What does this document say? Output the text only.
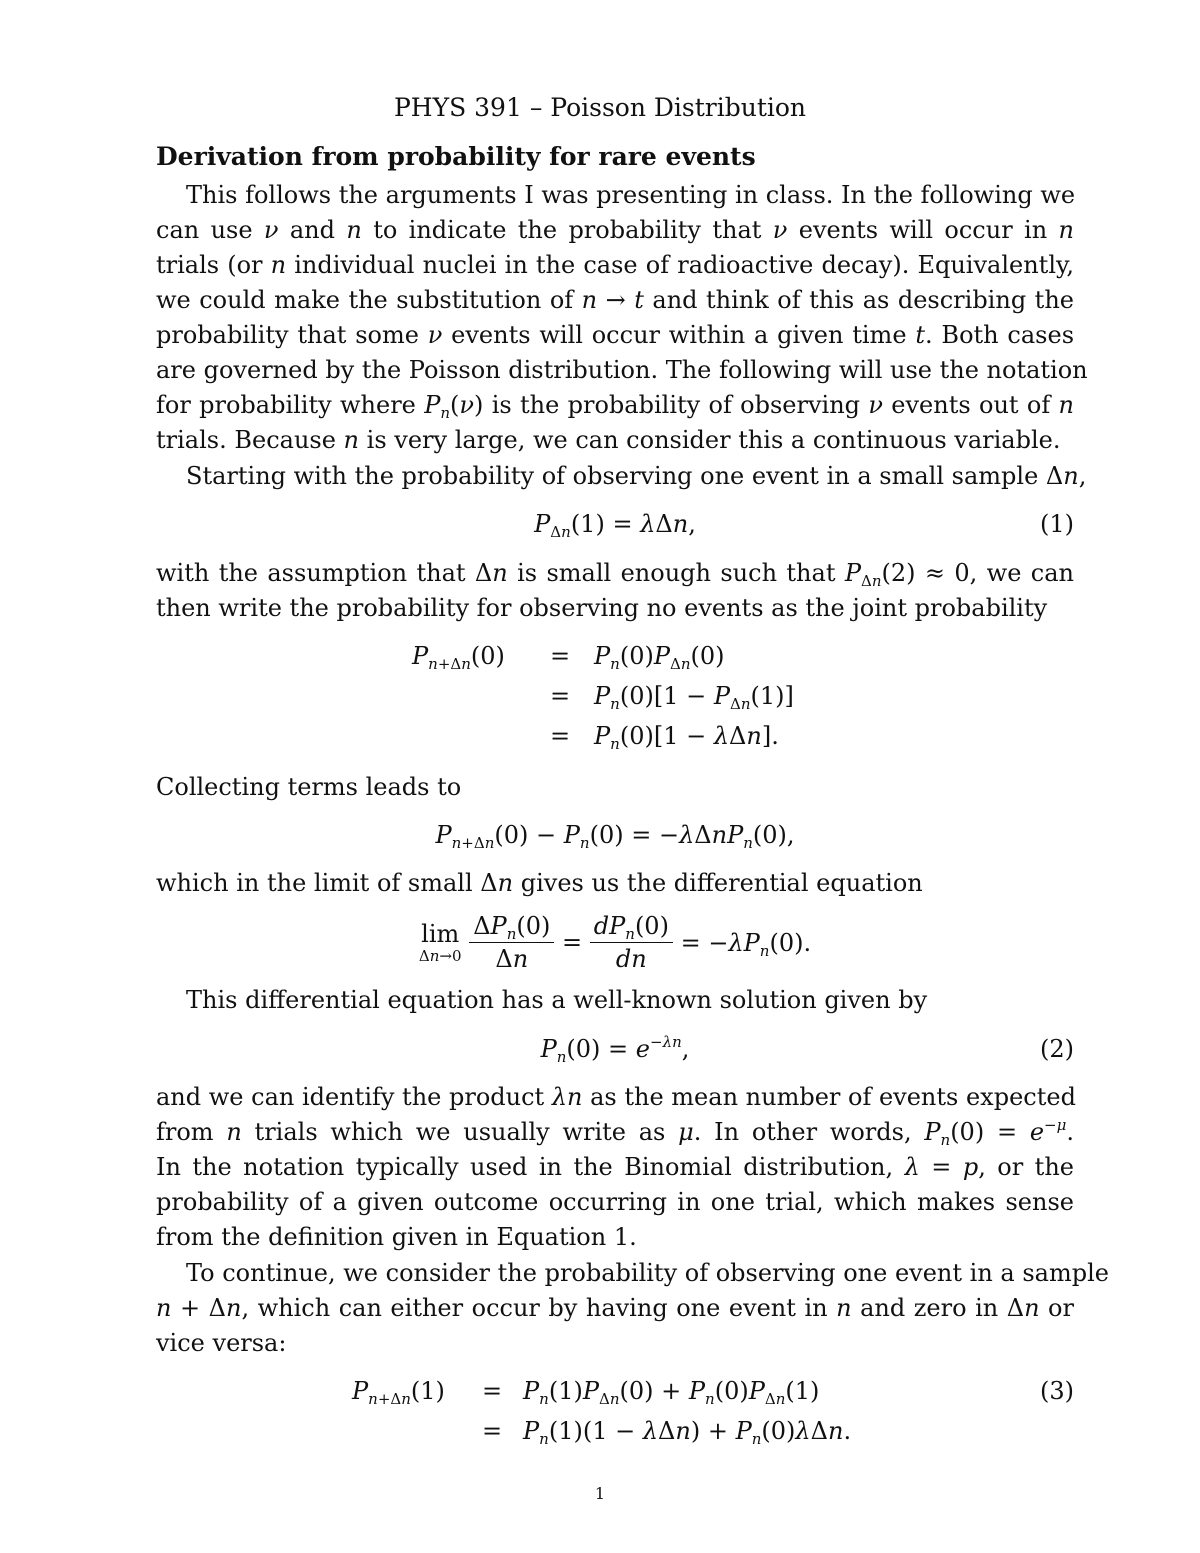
PHYS 391 – Poisson Distribution
Derivation from probability for rare events
This follows the arguments I was presenting in class. In the following we
can use ν and n to indicate the probability that ν events will occur in n
trials (or n individual nuclei in the case of radioactive decay). Equivalently,
we could make the substitution of n → t and think of this as describing the
probability that some ν events will occur within a given time t. Both cases
are governed by the Poisson distribution. The following will use the notation
for probability where $P_n(\nu)$ is the probability of observing ν events out of n
trials. Because n is very large, we can consider this a continuous variable.
Starting with the probability of observing one event in a small sample Δn,
$P_{\Delta n}(1) = \lambda\Delta n$,	(1)
with the assumption that Δn is small enough such that $P_{\Delta n}(2) \approx 0$, we can
then write the probability for observing no events as the joint probability
$P_{n+\Delta n}(0) = P_n(0)P_{\Delta n}(0)$
= $P_n(0)[1 - P_{\Delta n}(1)]$
= $P_n(0)[1 - \lambda\Delta n]$.
Collecting terms leads to
$P_{n+\Delta n}(0) - P_n(0) = -\lambda\Delta nP_n(0)$,
which in the limit of small Δn gives us the differential equation
lim
Δn→0
$\frac{\Delta P_n(0)}{\Delta n} = \frac{dP_n(0)}{dn} = -\lambda P_n(0)$.
This differential equation has a well-known solution given by
$P_n(0) = e^{-\lambda n}$,	(2)
and we can identify the product λn as the mean number of events expected
from n trials which we usually write as μ. In other words, $P_n(0) = e^{-\mu}$.
In the notation typically used in the Binomial distribution, λ = p, or the
probability of a given outcome occurring in one trial, which makes sense
from the definition given in Equation 1.
To continue, we consider the probability of observing one event in a sample
n + Δn, which can either occur by having one event in n and zero in Δn or
vice versa:
$P_{n+\Delta n}(1) = P_n(1)P_{\Delta n}(0) + P_n(0)P_{\Delta n}(1)$	(3)
= $P_n(1)(1 - \lambda\Delta n) + P_n(0)\lambda\Delta n$.
1
